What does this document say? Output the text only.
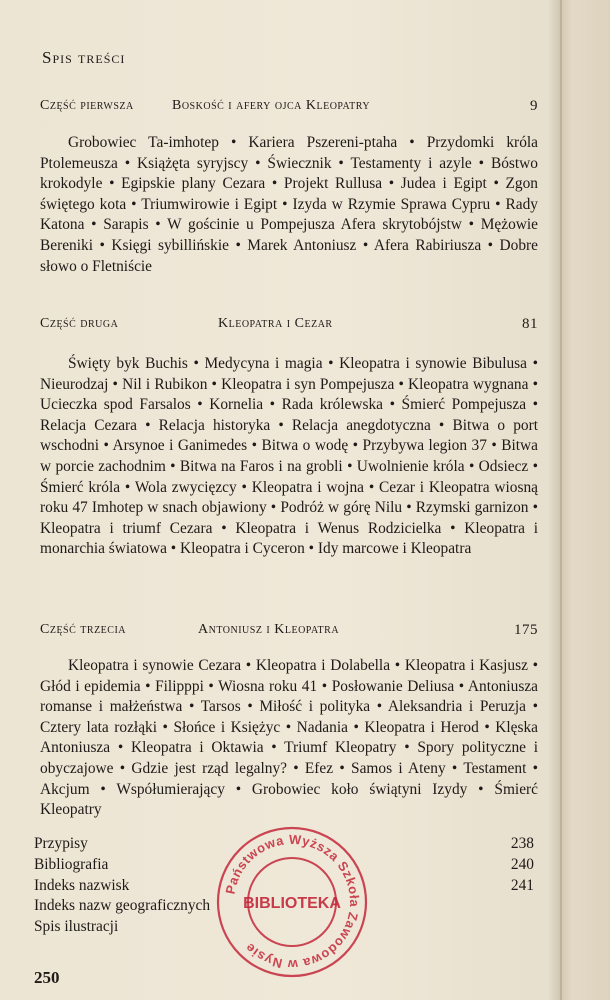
Spis treści
Część pierwsza	Boskość i afery ojca Kleopatry	9
Grobowiec Ta-imhotep • Kariera Pszereni-ptaha • Przydomki króla Ptolemeusza • Książęta syryjscy • Świecznik • Testamenty i azyle • Bóstwo krokodyle • Egipskie plany Cezara • Projekt Rullusa • Judea i Egipt • Zgon świętego kota • Triumwirowie i Egipt • Izyda w Rzymie Sprawa Cypru • Rady Katona • Sarapis • W gościnie u Pompejusza Afera skrytobójstw • Mężowie Bereniki • Księgi sybillińskie • Marek Antoniusz • Afera Rabiriusza • Dobre słowo o Fletniście
Część druga	Kleopatra i Cezar	81
Święty byk Buchis • Medycyna i magia • Kleopatra i synowie Bibulusa • Nieurodzaj • Nil i Rubikon • Kleopatra i syn Pompejusza • Kleopatra wygnana • Ucieczka spod Farsalos • Kornelia • Rada królewska • Śmierć Pompejusza • Relacja Cezara • Relacja historyka • Relacja anegdotyczna • Bitwa o port wschodni • Arsynoe i Ganimedes • Bitwa o wodę • Przybywa legion 37 • Bitwa w porcie zachodnim • Bitwa na Faros i na grobli • Uwolnienie króla • Odsiecz • Śmierć króla • Wola zwycięzcy • Kleopatra i wojna • Cezar i Kleopatra wiosną roku 47 Imhotep w snach objawiony • Podróż w górę Nilu • Rzymski garnizon • Kleopatra i triumf Cezara • Kleopatra i Wenus Rodzicielka • Kleopatra i monarchia światowa • Kleopatra i Cyceron • Idy marcowe i Kleopatra
Część trzecia	Antoniusz i Kleopatra	175
Kleopatra i synowie Cezara • Kleopatra i Dolabella • Kleopatra i Kasjusz • Głód i epidemia • Filipppi • Wiosna roku 41 • Posłowanie Deliusa • Antoniusza romanse i małżeństwa • Tarsos • Miłość i polityka • Aleksandria i Peruzja • Cztery lata rozłąki • Słońce i Księżyc • Nadania • Kleopatra i Herod • Klęska Antoniusza • Kleopatra i Oktawia • Triumf Kleopatry • Spory polityczne i obyczajowe • Gdzie jest rząd legalny? • Efez • Samos i Ateny • Testament • Akcjum • Współumierający • Grobowiec koło świątyni Izydy • Śmierć Kleopatry
Przypisy	238
Bibliografia	240
Indeks nazwisk	241
Indeks nazw geograficznych
Spis ilustracji
Państwowa Wyższa Szkoła Zawodowa w Nysie
BIBLIOTEKA
250
